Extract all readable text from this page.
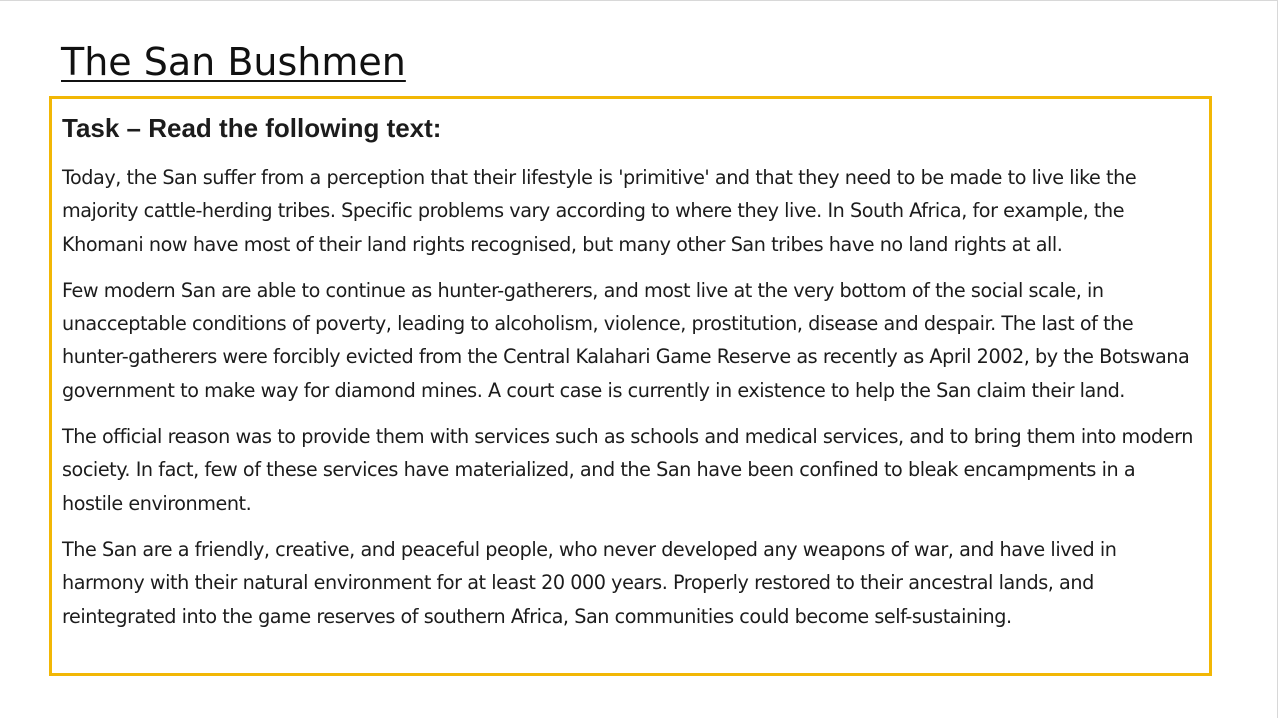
The San Bushmen
Task – Read the following text:

Today, the San suffer from a perception that their lifestyle is 'primitive' and that they need to be made to live like the majority cattle-herding tribes. Specific problems vary according to where they live. In South Africa, for example, the Khomani now have most of their land rights recognised, but many other San tribes have no land rights at all.

Few modern San are able to continue as hunter-gatherers, and most live at the very bottom of the social scale, in unacceptable conditions of poverty, leading to alcoholism, violence, prostitution, disease and despair. The last of the hunter-gatherers were forcibly evicted from the Central Kalahari Game Reserve as recently as April 2002, by the Botswana government to make way for diamond mines. A court case is currently in existence to help the San claim their land.

The official reason was to provide them with services such as schools and medical services, and to bring them into modern society. In fact, few of these services have materialized, and the San have been confined to bleak encampments in a hostile environment.

The San are a friendly, creative, and peaceful people, who never developed any weapons of war, and have lived in harmony with their natural environment for at least 20 000 years. Properly restored to their ancestral lands, and reintegrated into the game reserves of southern Africa, San communities could become self-sustaining.
